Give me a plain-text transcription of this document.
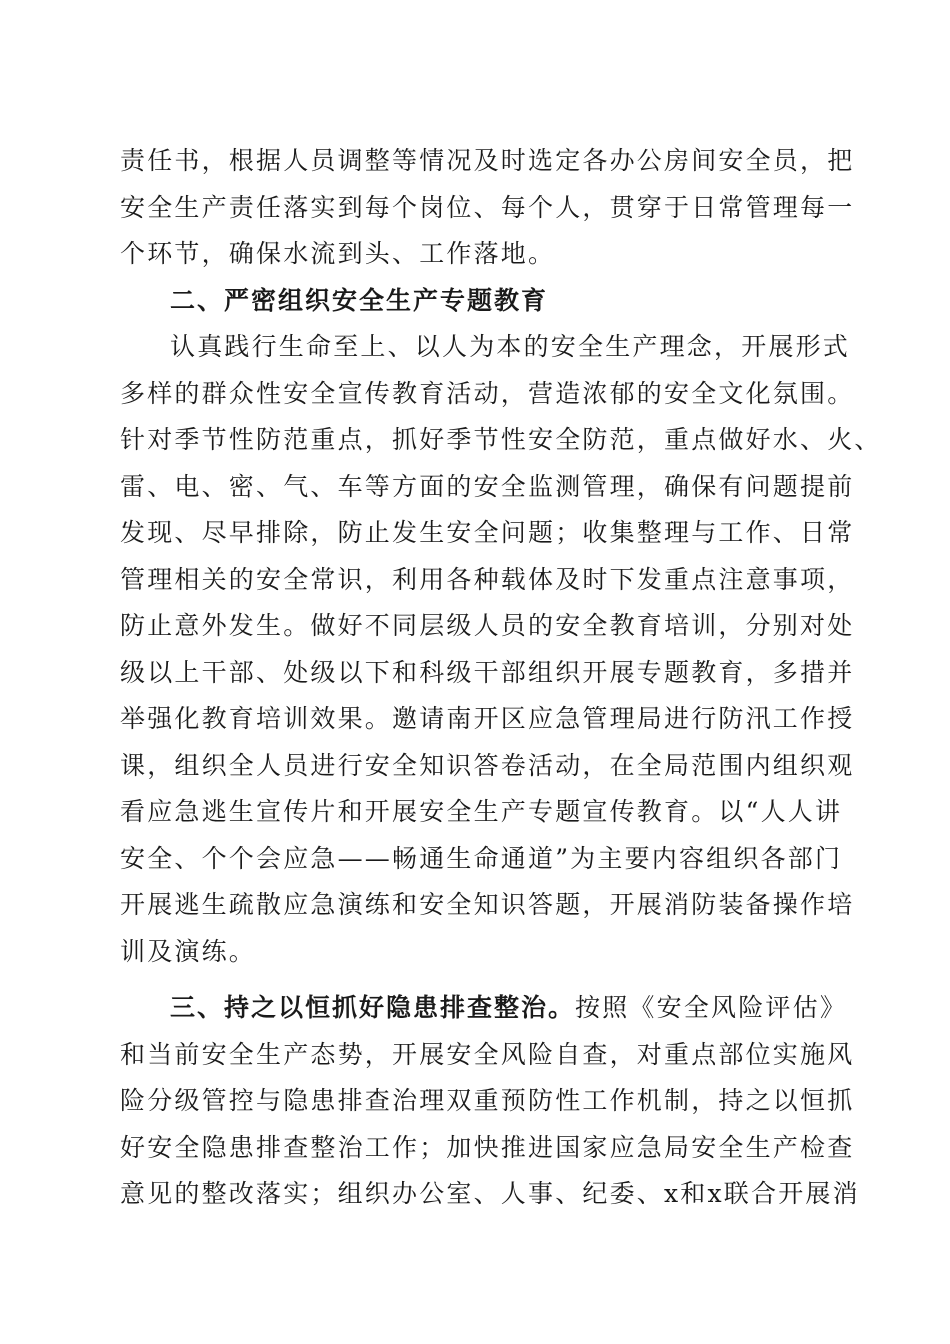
责任书，根据人员调整等情况及时选定各办公房间安全员，把
安全生产责任落实到每个岗位、每个人，贯穿于日常管理每一
个环节，确保水流到头、工作落地。
二、严密组织安全生产专题教育
认真践行生命至上、以人为本的安全生产理念，开展形式
多样的群众性安全宣传教育活动，营造浓郁的安全文化氛围。
针对季节性防范重点，抓好季节性安全防范，重点做好水、火、
雷、电、密、气、车等方面的安全监测管理，确保有问题提前
发现、尽早排除，防止发生安全问题；收集整理与工作、日常
管理相关的安全常识，利用各种载体及时下发重点注意事项，
防止意外发生。做好不同层级人员的安全教育培训，分别对处
级以上干部、处级以下和科级干部组织开展专题教育，多措并
举强化教育培训效果。邀请南开区应急管理局进行防汛工作授
课，组织全人员进行安全知识答卷活动，在全局范围内组织观
看应急逃生宣传片和开展安全生产专题宣传教育。以“人人讲
安全、个个会应急——畅通生命通道”为主要内容组织各部门
开展逃生疏散应急演练和安全知识答题，开展消防装备操作培
训及演练。
三、持之以恒抓好隐患排查整治。按照《安全风险评估》
和当前安全生产态势，开展安全风险自查，对重点部位实施风
险分级管控与隐患排查治理双重预防性工作机制，持之以恒抓
好安全隐患排查整治工作；加快推进国家应急局安全生产检查
意见的整改落实；组织办公室、人事、纪委、x和x联合开展消
